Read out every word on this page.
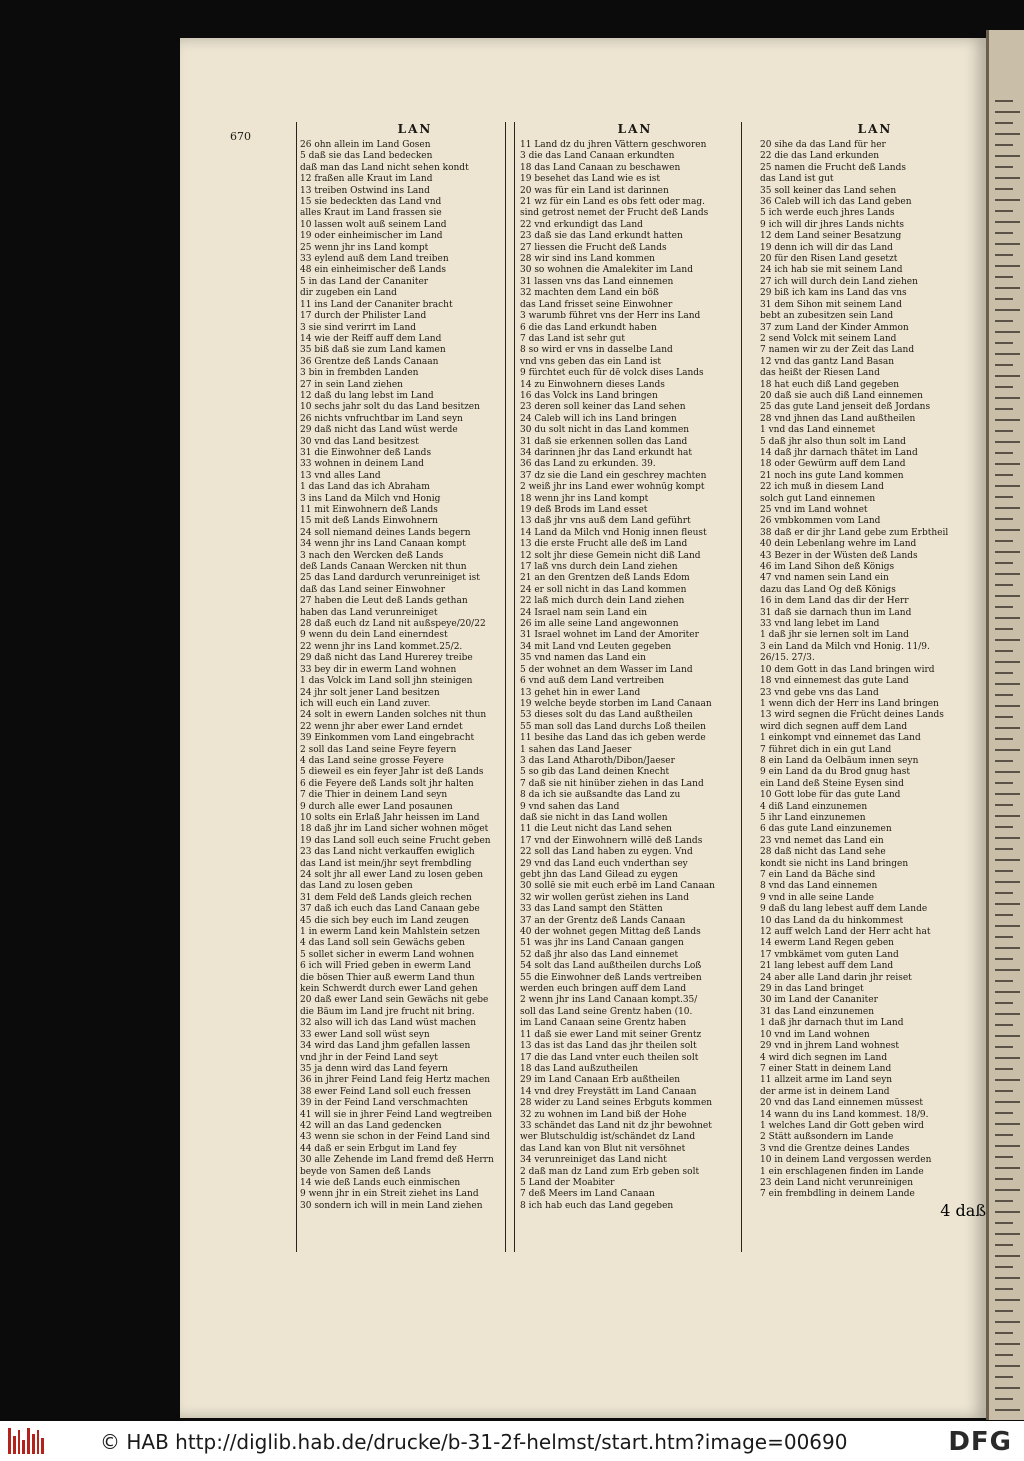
670
LAN
26 ohn allein im Land Gosen
5 daß sie das Land bedecken
daß man das Land nicht sehen kondt
12 fraßen alle Kraut im Land
13 treiben Ostwind ins Land
15 sie bedeckten das Land vnd
alles Kraut im Land frassen sie
10 lassen wolt auß seinem Land
19 oder einheimischer im Land
25 wenn jhr ins Land kompt
33 eylend auß dem Land treiben
48 ein einheimischer deß Lands
5 in das Land der Cananiter
dir zugeben ein Land
11 ins Land der Cananiter bracht
17 durch der Philister Land
3 sie sind verirrt im Land
14 wie der Reiff auff dem Land
35 biß daß sie zum Land kamen
36 Grentze deß Lands Canaan
3 bin in frembden Landen
27 in sein Land ziehen
12 daß du lang lebst im Land
10 sechs jahr solt du das Land besitzen
26 nichts vnfruchtbar im Land seyn
29 daß nicht das Land wüst werde
30 vnd das Land besitzest
31 die Einwohner deß Lands
33 wohnen in deinem Land
13 vnd alles Land
1 das Land das ich Abraham
3 ins Land da Milch vnd Honig
11 mit Einwohnern deß Lands
15 mit deß Lands Einwohnern
24 soll niemand deines Lands begern
34 wenn jhr ins Land Canaan kompt
3 nach den Wercken deß Lands
deß Lands Canaan Wercken nit thun
25 das Land dardurch verunreiniget ist
daß das Land seiner Einwohner
27 haben die Leut deß Lands gethan
haben das Land verunreiniget
28 daß euch dz Land nit außspeye/20/22
9 wenn du dein Land einerndest
22 wenn jhr ins Land kommet.25/2.
29 daß nicht das Land Hurerey treibe
33 bey dir in ewerm Land wohnen
1 das Volck im Land soll jhn steinigen
24 jhr solt jener Land besitzen
ich will euch ein Land zuver.
24 solt in ewern Landen solches nit thun
22 wenn jhr aber ewer Land erndet
39 Einkommen vom Land eingebracht
2 soll das Land seine Feyre feyern
4 das Land seine grosse Feyere
5 dieweil es ein feyer Jahr ist deß Lands
6 die Feyere deß Lands solt jhr halten
7 die Thier in deinem Land seyn
9 durch alle ewer Land posaunen
10 solts ein Erlaß Jahr heissen im Land
18 daß jhr im Land sicher wohnen möget
19 das Land soll euch seine Frucht geben
23 das Land nicht verkauffen ewiglich
das Land ist mein/jhr seyt frembdling
24 solt jhr all ewer Land zu losen geben
das Land zu losen geben
31 dem Feld deß Lands gleich rechen
37 daß ich euch das Land Canaan gebe
45 die sich bey euch im Land zeugen
1 in ewerm Land kein Mahlstein setzen
4 das Land soll sein Gewächs geben
5 sollet sicher in ewerm Land wohnen
6 ich will Fried geben in ewerm Land
die bösen Thier auß ewerm Land thun
kein Schwerdt durch ewer Land gehen
20 daß ewer Land sein Gewächs nit gebe
die Bäum im Land jre frucht nit bring.
32 also will ich das Land wüst machen
33 ewer Land soll wüst seyn
34 wird das Land jhm gefallen lassen
vnd jhr in der Feind Land seyt
35 ja denn wird das Land feyern
36 in jhrer Feind Land feig Hertz machen
38 ewer Feind Land soll euch fressen
39 in der Feind Land verschmachten
41 will sie in jhrer Feind Land wegtreiben
42 will an das Land gedencken
43 wenn sie schon in der Feind Land sind
44 daß er sein Erbgut im Land fey
30 alle Zehende im Land fremd deß Herrn
beyde von Samen deß Lands
14 wie deß Lands euch einmischen
9 wenn jhr in ein Streit ziehet ins Land
30 sondern ich will in mein Land ziehen
LAN
11 Land dz du jhren Vättern geschworen
3 die das Land Canaan erkundten
18 das Land Canaan zu beschawen
19 besehet das Land wie es ist
20 was für ein Land ist darinnen
21 wz für ein Land es obs fett oder mag.
sind getrost nemet der Frucht deß Lands
22 vnd erkundigt das Land
23 daß sie das Land erkundt hatten
27 liessen die Frucht deß Lands
28 wir sind ins Land kommen
30 so wohnen die Amalekiter im Land
31 lassen vns das Land einnemen
32 machten dem Land ein böß
das Land frisset seine Einwohner
3 warumb führet vns der Herr ins Land
6 die das Land erkundt haben
7 das Land ist sehr gut
8 so wird er vns in dasselbe Land
vnd vns geben das ein Land ist
9 fürchtet euch für dē volck dises Lands
14 zu Einwohnern dieses Lands
16 das Volck ins Land bringen
23 deren soll keiner das Land sehen
24 Caleb will ich ins Land bringen
30 du solt nicht in das Land kommen
31 daß sie erkennen sollen das Land
34 darinnen jhr das Land erkundt hat
36 das Land zu erkunden. 39.
37 dz sie die Land ein geschrey machten
2 weiß jhr ins Land ewer wohnūg kompt
18 wenn jhr ins Land kompt
19 deß Brods im Land esset
13 daß jhr vns auß dem Land geführt
14 Land da Milch vnd Honig innen fleust
13 die erste Frucht alle deß im Land
12 solt jhr diese Gemein nicht diß Land
17 laß vns durch dein Land ziehen
21 an den Grentzen deß Lands Edom
24 er soll nicht in das Land kommen
22 laß mich durch dein Land ziehen
24 Israel nam sein Land ein
26 im alle seine Land angewonnen
31 Israel wohnet im Land der Amoriter
34 mit Land vnd Leuten gegeben
35 vnd namen das Land ein
5 der wohnet an dem Wasser im Land
6 vnd auß dem Land vertreiben
13 gehet hin in ewer Land
19 welche beyde storben im Land Canaan
53 dieses solt du das Land außtheilen
55 man soll das Land durchs Loß theilen
11 besihe das Land das ich geben werde
1 sahen das Land Jaeser
3 das Land Atharoth/Dibon/Jaeser
5 so gib das Land deinen Knecht
7 daß sie nit hinüber ziehen in das Land
8 da ich sie außsandte das Land zu
9 vnd sahen das Land
daß sie nicht in das Land wollen
11 die Leut nicht das Land sehen
17 vnd der Einwohnern willē deß Lands
22 soll das Land haben zu eygen. Vnd
29 vnd das Land euch vnderthan sey
gebt jhn das Land Gilead zu eygen
30 sollē sie mit euch erbē im Land Canaan
32 wir wollen gerüst ziehen ins Land
33 das Land sampt den Stätten
37 an der Grentz deß Lands Canaan
40 der wohnet gegen Mittag deß Lands
51 was jhr ins Land Canaan gangen
52 daß jhr also das Land einnemet
54 solt das Land außtheilen durchs Loß
55 die Einwohner deß Lands vertreiben
werden euch bringen auff dem Land
2 wenn jhr ins Land Canaan kompt.35/
soll das Land seine Grentz haben (10.
im Land Canaan seine Grentz haben
11 daß sie ewer Land mit seiner Grentz
13 das ist das Land das jhr theilen solt
17 die das Land vnter euch theilen solt
18 das Land außzutheilen
29 im Land Canaan Erb außtheilen
14 vnd drey Freystätt im Land Canaan
28 wider zu Land seines Erbguts kommen
32 zu wohnen im Land biß der Hohe
33 schändet das Land nit dz jhr bewohnet
wer Blutschuldig ist/schändet dz Land
das Land kan von Blut nit versöhnet
34 verunreiniget das Land nicht
2 daß man dz Land zum Erb geben solt
5 Land der Moabiter
7 deß Meers im Land Canaan
8 ich hab euch das Land gegeben
LAN
20 sihe da das Land für her
22 die das Land erkunden
25 namen die Frucht deß Lands
das Land ist gut
35 soll keiner das Land sehen
36 Caleb will ich das Land geben
5 ich werde euch jhres Lands
9 ich will dir jhres Lands nichts
12 dem Land seiner Besatzung
19 denn ich will dir das Land
20 für den Risen Land gesetzt
24 ich hab sie mit seinem Land
27 ich will durch dein Land ziehen
29 biß ich kam ins Land das vns
31 dem Sihon mit seinem Land
bebt an zubesitzen sein Land
37 zum Land der Kinder Ammon
2 send Volck mit seinem Land
7 namen wir zu der Zeit das Land
12 vnd das gantz Land Basan
das heißt der Riesen Land
18 hat euch diß Land gegeben
20 daß sie auch diß Land einnemen
25 das gute Land jenseit deß Jordans
28 vnd jhnen das Land außtheilen
1 vnd das Land einnemet
5 daß jhr also thun solt im Land
14 daß jhr darnach thätet im Land
18 oder Gewürm auff dem Land
21 noch ins gute Land kommen
22 ich muß in diesem Land
solch gut Land einnemen
25 vnd im Land wohnet
26 vmbkommen vom Land
38 daß er dir jhr Land gebe zum Erbtheil
40 dein Lebenlang wehre im Land
43 Bezer in der Wüsten deß Lands
46 im Land Sihon deß Königs
47 vnd namen sein Land ein
dazu das Land Og deß Königs
16 in dem Land das dir der Herr
31 daß sie darnach thun im Land
33 vnd lang lebet im Land
1 daß jhr sie lernen solt im Land
3 ein Land da Milch vnd Honig. 11/9.
26/15. 27/3.
10 dem Gott in das Land bringen wird
18 vnd einnemest das gute Land
23 vnd gebe vns das Land
1 wenn dich der Herr ins Land bringen
13 wird segnen die Frücht deines Lands
wird dich segnen auff dem Land
1 einkompt vnd einnemet das Land
7 führet dich in ein gut Land
8 ein Land da Oelbäum innen seyn
9 ein Land da du Brod gnug hast
ein Land deß Steine Eysen sind
10 Gott lobe für das gute Land
4 diß Land einzunemen
5 ihr Land einzunemen
6 das gute Land einzunemen
23 vnd nemet das Land ein
28 daß nicht das Land sehe
kondt sie nicht ins Land bringen
7 ein Land da Bäche sind
8 vnd das Land einnemen
9 vnd in alle seine Lande
9 daß du lang lebest auff dem Lande
10 das Land da du hinkommest
12 auff welch Land der Herr acht hat
14 ewerm Land Regen geben
17 vmbkämet vom guten Land
21 lang lebest auff dem Land
24 aber alle Land darin jhr reiset
29 in das Land bringet
30 im Land der Cananiter
31 das Land einzunemen
1 daß jhr darnach thut im Land
10 vnd im Land wohnen
29 vnd in jhrem Land wohnest
4 wird dich segnen im Land
7 einer Statt in deinem Land
11 allzeit arme im Land seyn
der arme ist in deinem Land
20 vnd das Land einnemen müssest
14 wann du ins Land kommest. 18/9.
1 welches Land dir Gott geben wird
2 Stätt außsondern im Lande
3 vnd die Grentze deines Landes
10 in deinem Land vergossen werden
1 ein erschlagenen finden im Lande
23 dein Land nicht verunreinigen
7 ein frembdling in deinem Lande
4 daß
© HAB http://diglib.hab.de/drucke/b-31-2f-helmst/start.htm?image=00690	DFG
